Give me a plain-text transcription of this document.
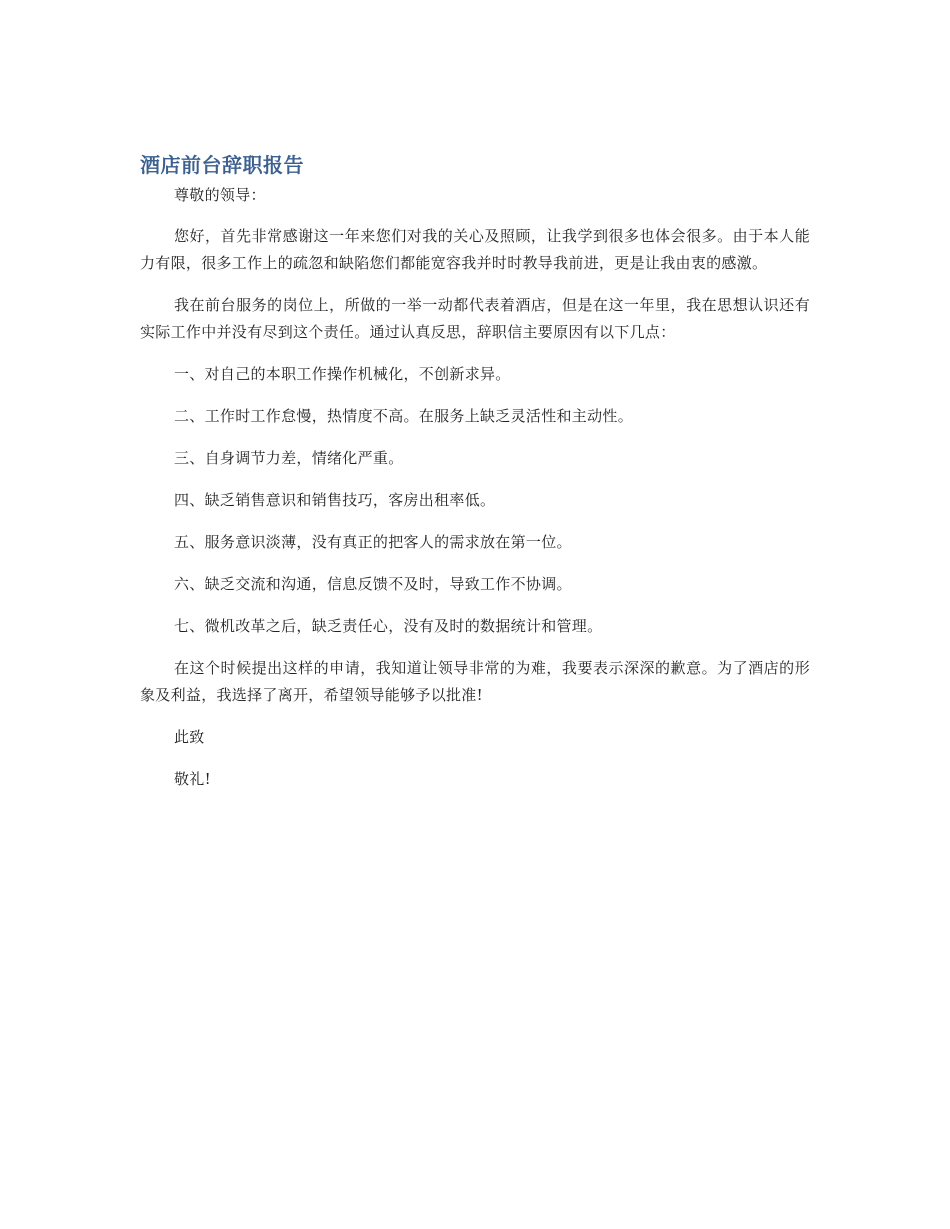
酒店前台辞职报告

尊敬的领导：

您好，首先非常感谢这一年来您们对我的关心及照顾，让我学到很多也体会很多。由于本人能力有限，很多工作上的疏忽和缺陷您们都能宽容我并时时教导我前进，更是让我由衷的感激。

我在前台服务的岗位上，所做的一举一动都代表着酒店，但是在这一年里，我在思想认识还有实际工作中并没有尽到这个责任。通过认真反思，辞职信主要原因有以下几点：

一、对自己的本职工作操作机械化，不创新求异。

二、工作时工作怠慢，热情度不高。在服务上缺乏灵活性和主动性。

三、自身调节力差，情绪化严重。

四、缺乏销售意识和销售技巧，客房出租率低。

五、服务意识淡薄，没有真正的把客人的需求放在第一位。

六、缺乏交流和沟通，信息反馈不及时，导致工作不协调。

七、微机改革之后，缺乏责任心，没有及时的数据统计和管理。

在这个时候提出这样的申请，我知道让领导非常的为难，我要表示深深的歉意。为了酒店的形象及利益，我选择了离开，希望领导能够予以批准!

此致

敬礼!
